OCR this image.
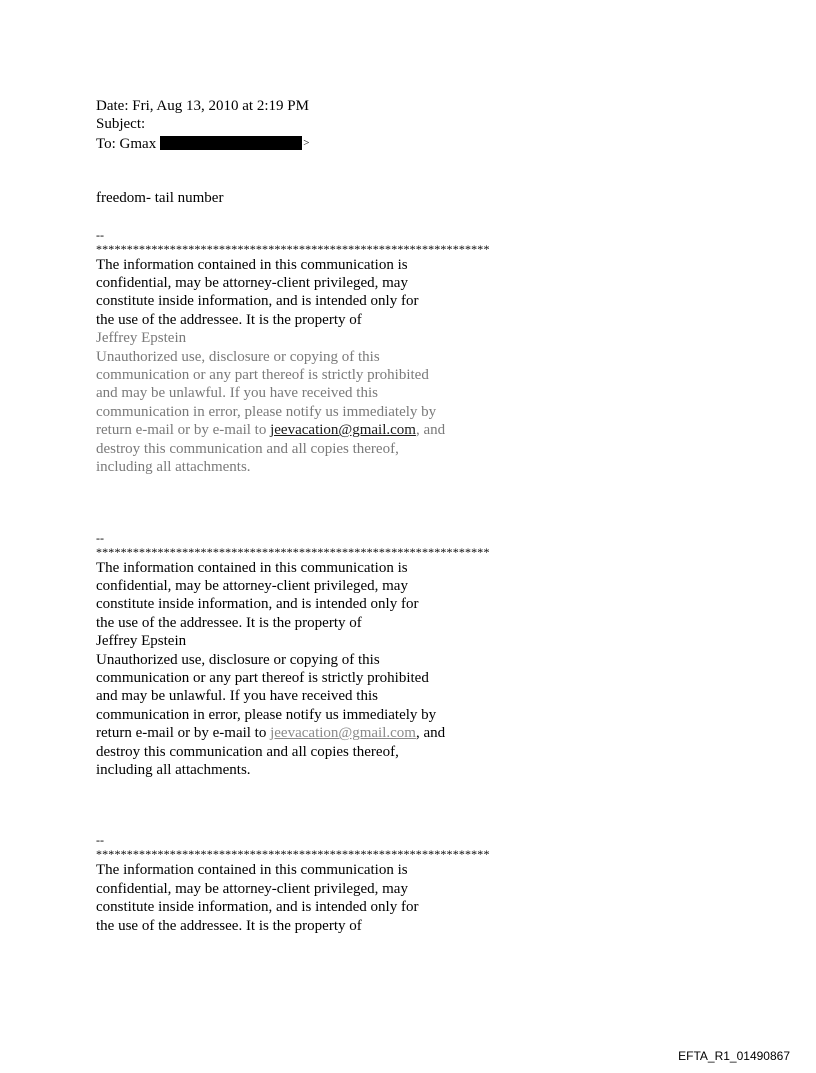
Date: Fri, Aug 13, 2010 at 2:19 PM
Subject:
To: Gmax	>
freedom- tail number
--
****************************************************************
The information contained in this communication is
confidential, may be attorney-client privileged, may
constitute inside information, and is intended only for
the use of the addressee. It is the property of
Jeffrey Epstein
Unauthorized use, disclosure or copying of this
communication or any part thereof is strictly prohibited
and may be unlawful. If you have received this
communication in error, please notify us immediately by
return e-mail or by e-mail to jeevacation@gmail.com, and
destroy this communication and all copies thereof,
including all attachments.
--
****************************************************************
The information contained in this communication is
confidential, may be attorney-client privileged, may
constitute inside information, and is intended only for
the use of the addressee. It is the property of
Jeffrey Epstein
Unauthorized use, disclosure or copying of this
communication or any part thereof is strictly prohibited
and may be unlawful. If you have received this
communication in error, please notify us immediately by
return e-mail or by e-mail to jeevacation@gmail.com, and
destroy this communication and all copies thereof,
including all attachments.
--
****************************************************************
The information contained in this communication is
confidential, may be attorney-client privileged, may
constitute inside information, and is intended only for
the use of the addressee. It is the property of
EFTA_R1_01490867
